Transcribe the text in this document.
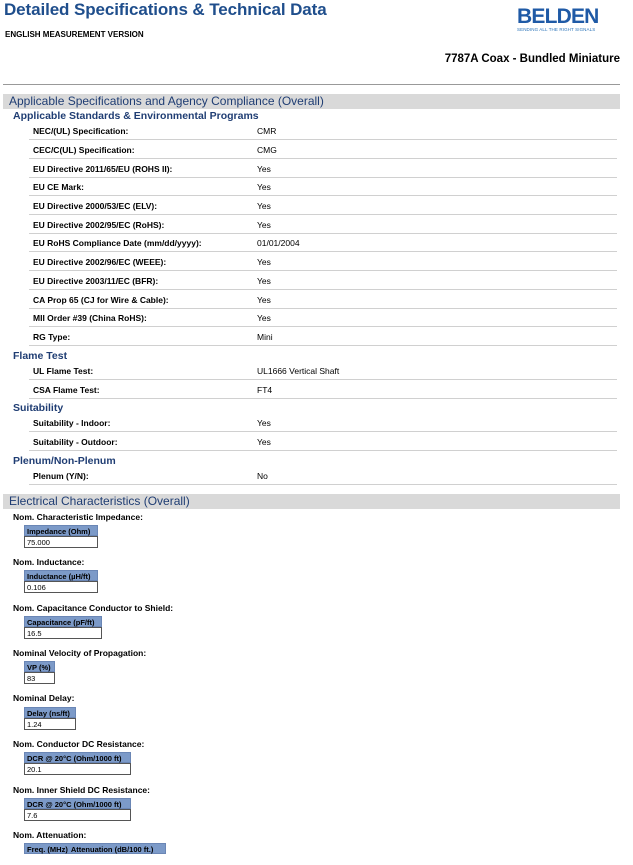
Detailed Specifications & Technical Data
ENGLISH MEASUREMENT VERSION
BELDEN
SENDING ALL THE RIGHT SIGNALS
7787A Coax - Bundled Miniature
Applicable Specifications and Agency Compliance (Overall)
Applicable Standards & Environmental Programs
NEC/(UL) Specification:	CMR
CEC/C(UL) Specification:	CMG
EU Directive 2011/65/EU (ROHS II):	Yes
EU CE Mark:	Yes
EU Directive 2000/53/EC (ELV):	Yes
EU Directive 2002/95/EC (RoHS):	Yes
EU RoHS Compliance Date (mm/dd/yyyy):	01/01/2004
EU Directive 2002/96/EC (WEEE):	Yes
EU Directive 2003/11/EC (BFR):	Yes
CA Prop 65 (CJ for Wire & Cable):	Yes
MII Order #39 (China RoHS):	Yes
RG Type:	Mini
Flame Test
UL Flame Test:	UL1666 Vertical Shaft
CSA Flame Test:	FT4
Suitability
Suitability - Indoor:	Yes
Suitability - Outdoor:	Yes
Plenum/Non-Plenum
Plenum (Y/N):	No
Electrical Characteristics (Overall)
Nom. Characteristic Impedance:
Impedance (Ohm)
75.000
Nom. Inductance:
Inductance (µH/ft)
0.106
Nom. Capacitance Conductor to Shield:
Capacitance (pF/ft)
16.5
Nominal Velocity of Propagation:
VP (%)
83
Nominal Delay:
Delay (ns/ft)
1.24
Nom. Conductor DC Resistance:
DCR @ 20°C (Ohm/1000 ft)
20.1
Nom. Inner Shield DC Resistance:
DCR @ 20°C (Ohm/1000 ft)
7.6
Nom. Attenuation:
Freq. (MHz) Attenuation (dB/100 ft.)
